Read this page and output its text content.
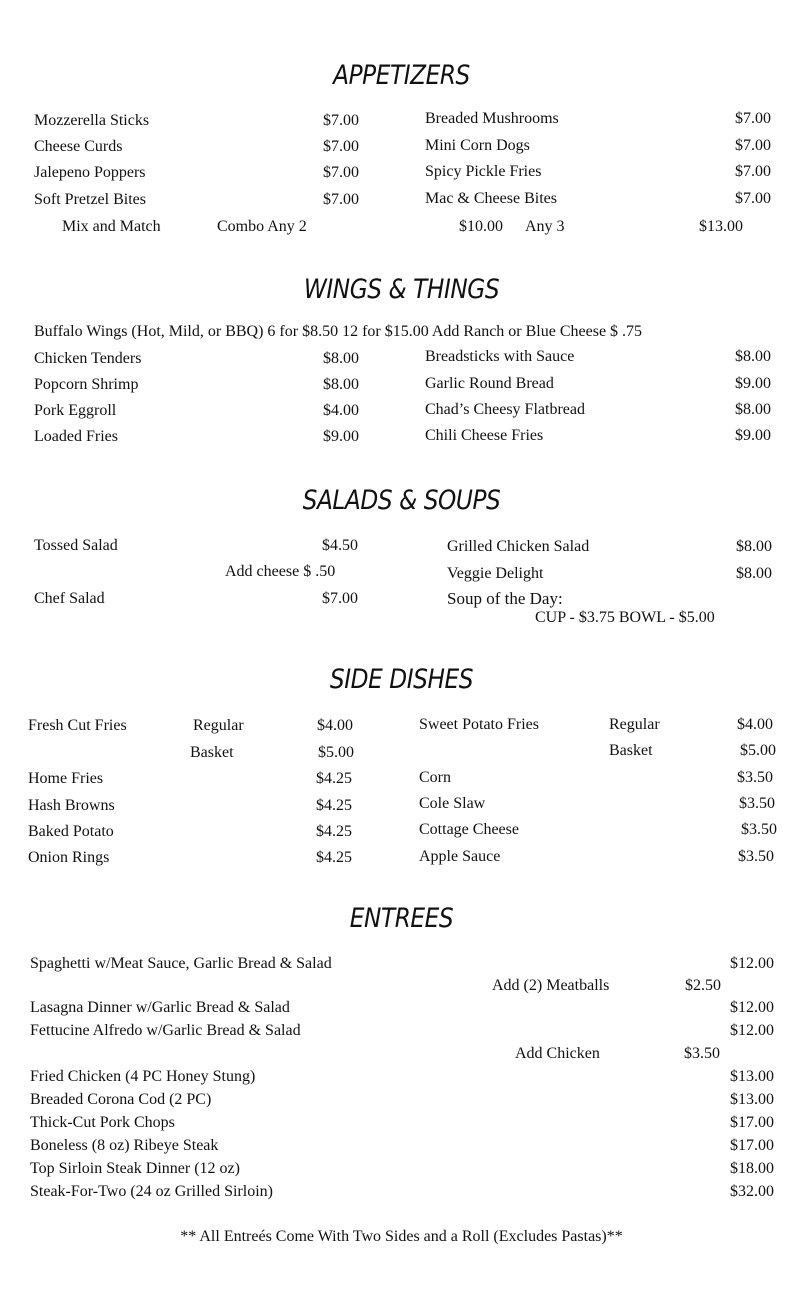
APPETIZERS
Mozzerella Sticks	$7.00
Cheese Curds	$7.00
Jalepeno Poppers	$7.00
Soft Pretzel Bites	$7.00
Breaded Mushrooms	$7.00
Mini Corn Dogs	$7.00
Spicy Pickle Fries	$7.00
Mac & Cheese Bites	$7.00
Mix and Match	Combo Any 2	$10.00 Any 3	$13.00
WINGS & THINGS
Buffalo Wings (Hot, Mild, or BBQ) 6 for $8.50 12 for $15.00 Add Ranch or Blue Cheese $ .75
Chicken Tenders	$8.00
Popcorn Shrimp	$8.00
Pork Eggroll	$4.00
Loaded Fries	$9.00
Breadsticks with Sauce	$8.00
Garlic Round Bread	$9.00
Chad’s Cheesy Flatbread	$8.00
Chili Cheese Fries	$9.00
SALADS & SOUPS
Tossed Salad	$4.50
Add cheese $ .50
Chef Salad	$7.00
Grilled Chicken Salad	$8.00
Veggie Delight	$8.00
Soup of the Day:
CUP - $3.75 BOWL - $5.00
SIDE DISHES
Fresh Cut Fries	Regular	$4.00
Basket	$5.00
Home Fries	$4.25
Hash Browns	$4.25
Baked Potato	$4.25
Onion Rings	$4.25
Sweet Potato Fries	Regular	$4.00
Basket	$5.00
Corn	$3.50
Cole Slaw	$3.50
Cottage Cheese	$3.50
Apple Sauce	$3.50
ENTREES
Spaghetti w/Meat Sauce, Garlic Bread & Salad	$12.00
Add (2) Meatballs	$2.50
Lasagna Dinner w/Garlic Bread & Salad	$12.00
Fettucine Alfredo w/Garlic Bread & Salad	$12.00
Add Chicken	$3.50
Fried Chicken (4 PC Honey Stung)	$13.00
Breaded Corona Cod (2 PC)	$13.00
Thick-Cut Pork Chops	$17.00
Boneless (8 oz) Ribeye Steak	$17.00
Top Sirloin Steak Dinner (12 oz)	$18.00
Steak-For-Two (24 oz Grilled Sirloin)	$32.00
** All Entreés Come With Two Sides and a Roll (Excludes Pastas)**
